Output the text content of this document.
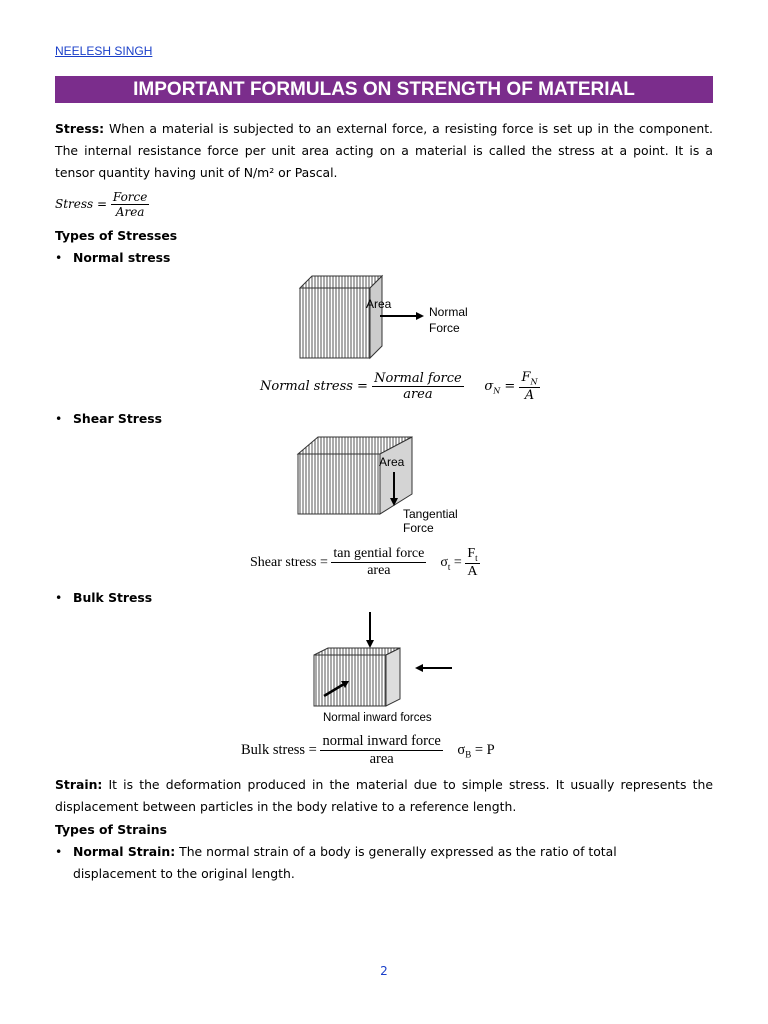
NEELESH SINGH
IMPORTANT FORMULAS ON STRENGTH OF MATERIAL
Stress: When a material is subjected to an external force, a resisting force is set up in the component. The internal resistance force per unit area acting on a material is called the stress at a point. It is a tensor quantity having unit of N/m² or Pascal.
Stress = $\frac{\text{Force}}{\text{Area}}$
Types of Stresses
• Normal stress
Area
Normal
Force
Normal stress = $\frac{\text{Normal force}}{\text{area}} \sigma_N = \frac{F_N}{A}$
• Shear Stress
Area
Tangential
Force
Shear stress = $\frac{\text{tan gential force}}{\text{area}} \sigma_t = \frac{F_t}{A}$
• Bulk Stress
Normal inward forces
Bulk stress = $\frac{\text{normal inward force}}{\text{area}} \sigma_B = P$
Strain: It is the deformation produced in the material due to simple stress. It usually represents the displacement between particles in the body relative to a reference length.
Types of Strains
• Normal Strain: The normal strain of a body is generally expressed as the ratio of total displacement to the original length.
2
